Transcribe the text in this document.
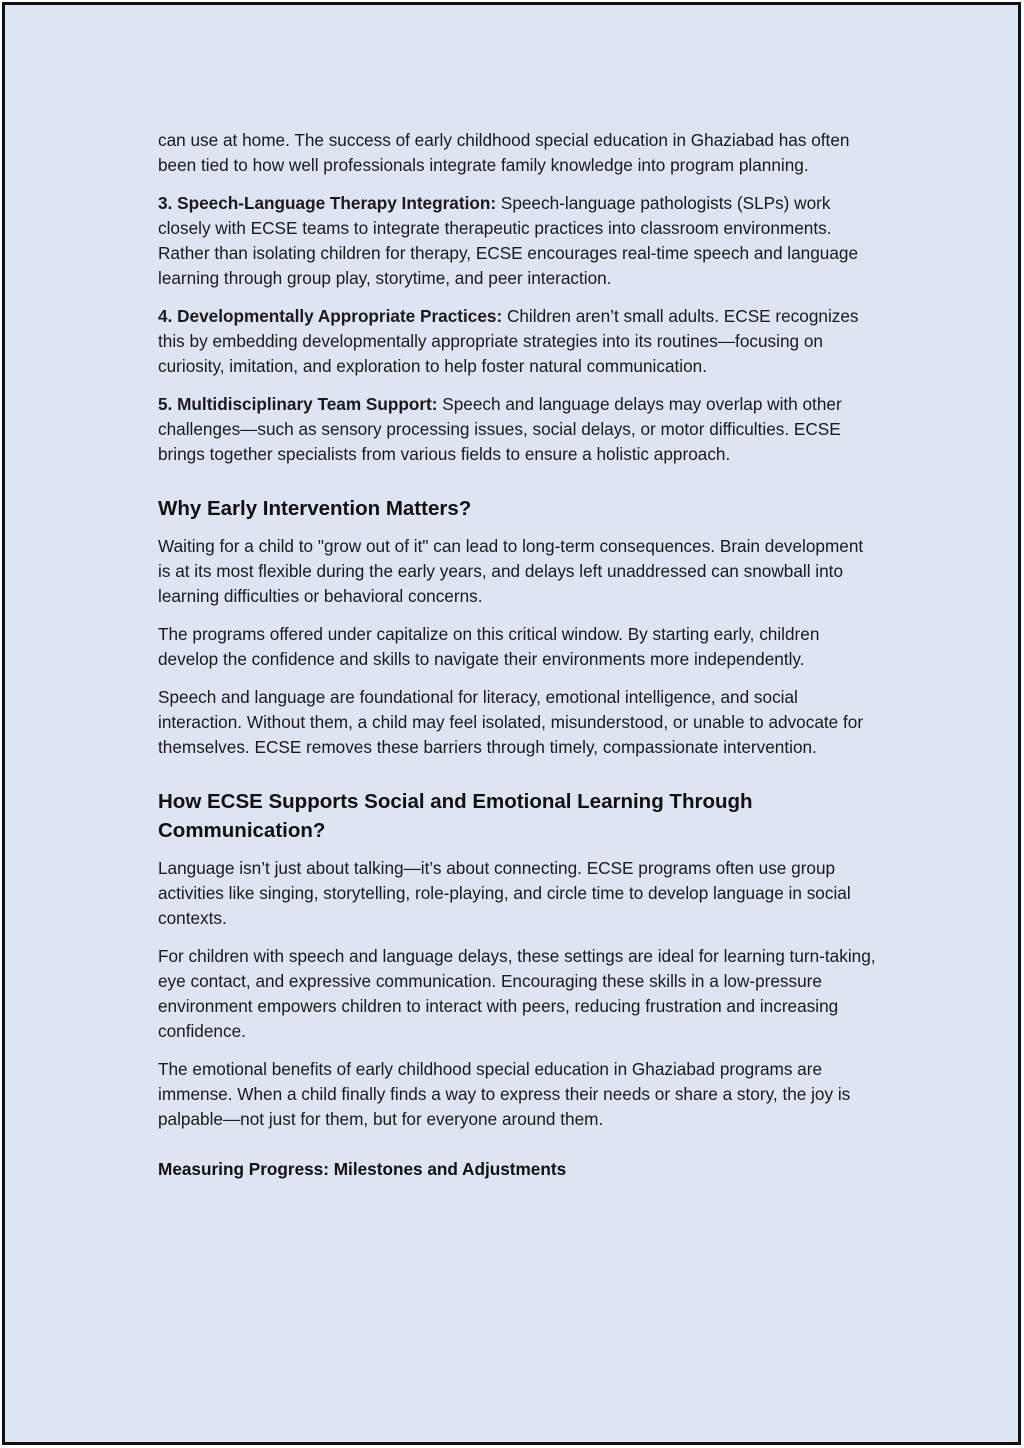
can use at home. The success of early childhood special education in Ghaziabad has often been tied to how well professionals integrate family knowledge into program planning.

3. Speech-Language Therapy Integration: Speech-language pathologists (SLPs) work closely with ECSE teams to integrate therapeutic practices into classroom environments. Rather than isolating children for therapy, ECSE encourages real-time speech and language learning through group play, storytime, and peer interaction.

4. Developmentally Appropriate Practices: Children aren’t small adults. ECSE recognizes this by embedding developmentally appropriate strategies into its routines—focusing on curiosity, imitation, and exploration to help foster natural communication.

5. Multidisciplinary Team Support: Speech and language delays may overlap with other challenges—such as sensory processing issues, social delays, or motor difficulties. ECSE brings together specialists from various fields to ensure a holistic approach.

Why Early Intervention Matters?

Waiting for a child to "grow out of it" can lead to long-term consequences. Brain development is at its most flexible during the early years, and delays left unaddressed can snowball into learning difficulties or behavioral concerns.

The programs offered under capitalize on this critical window. By starting early, children develop the confidence and skills to navigate their environments more independently.

Speech and language are foundational for literacy, emotional intelligence, and social interaction. Without them, a child may feel isolated, misunderstood, or unable to advocate for themselves. ECSE removes these barriers through timely, compassionate intervention.

How ECSE Supports Social and Emotional Learning Through Communication?

Language isn’t just about talking—it’s about connecting. ECSE programs often use group activities like singing, storytelling, role-playing, and circle time to develop language in social contexts.

For children with speech and language delays, these settings are ideal for learning turn-taking, eye contact, and expressive communication. Encouraging these skills in a low-pressure environment empowers children to interact with peers, reducing frustration and increasing confidence.

The emotional benefits of early childhood special education in Ghaziabad programs are immense. When a child finally finds a way to express their needs or share a story, the joy is palpable—not just for them, but for everyone around them.

Measuring Progress: Milestones and Adjustments
